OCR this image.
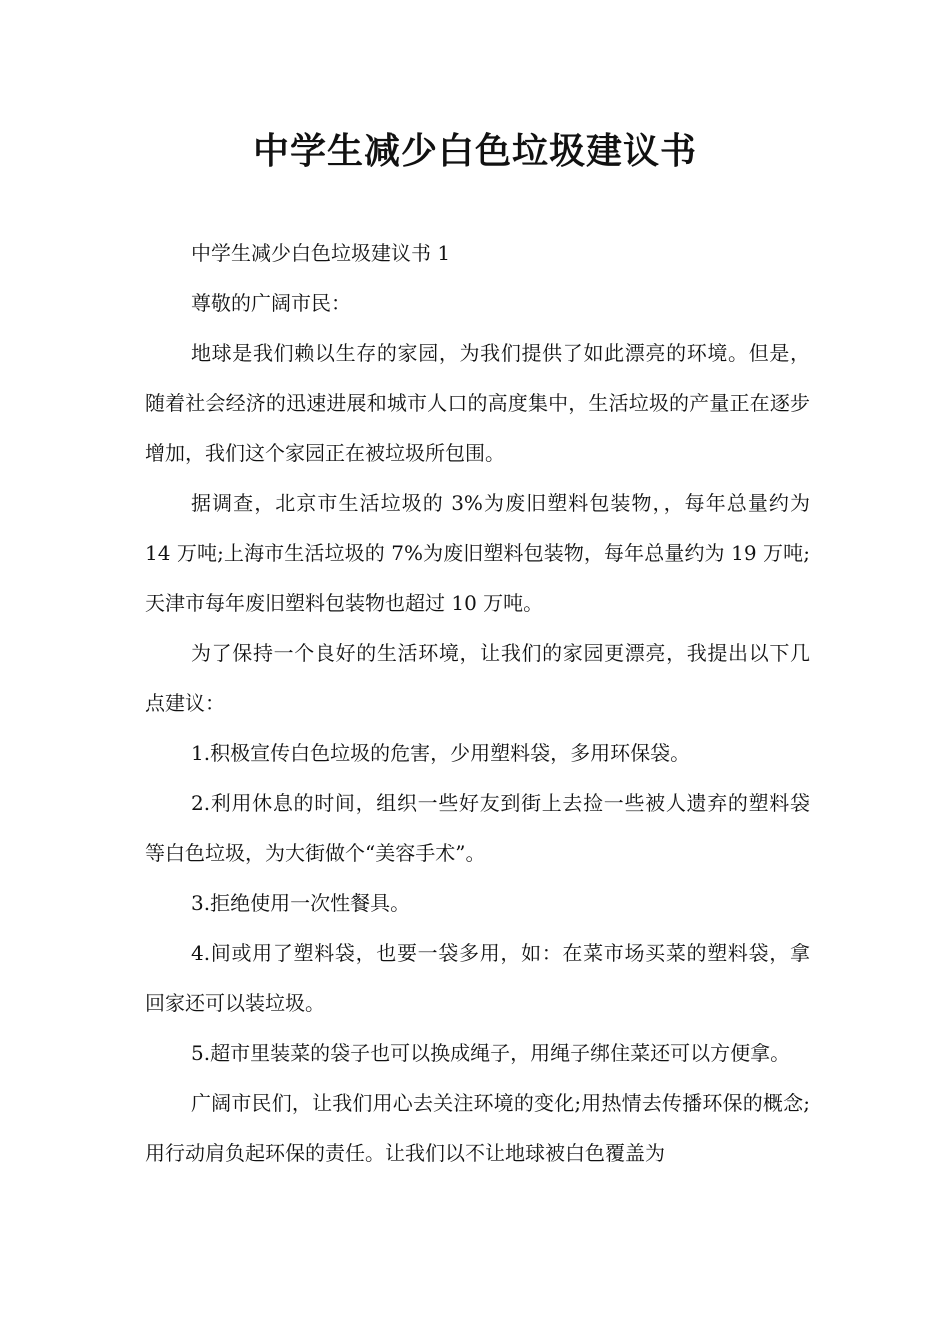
中学生减少白色垃圾建议书

中学生减少白色垃圾建议书 1

尊敬的广阔市民：

地球是我们赖以生存的家园，为我们提供了如此漂亮的环境。但是，随着社会经济的迅速进展和城市人口的高度集中，生活垃圾的产量正在逐步增加，我们这个家园正在被垃圾所包围。

据调查，北京市生活垃圾的 3%为废旧塑料包装物，，每年总量约为 14 万吨;上海市生活垃圾的 7%为废旧塑料包装物，每年总量约为 19 万吨;天津市每年废旧塑料包装物也超过 10 万吨。

为了保持一个良好的生活环境，让我们的家园更漂亮，我提出以下几点建议：

1.积极宣传白色垃圾的危害，少用塑料袋，多用环保袋。

2.利用休息的时间，组织一些好友到街上去捡一些被人遗弃的塑料袋等白色垃圾，为大街做个“美容手术”。

3.拒绝使用一次性餐具。

4.间或用了塑料袋，也要一袋多用，如：在菜市场买菜的塑料袋，拿回家还可以装垃圾。

5.超市里装菜的袋子也可以换成绳子，用绳子绑住菜还可以方便拿。

广阔市民们，让我们用心去关注环境的变化;用热情去传播环保的概念;用行动肩负起环保的责任。让我们以不让地球被白色覆盖为
